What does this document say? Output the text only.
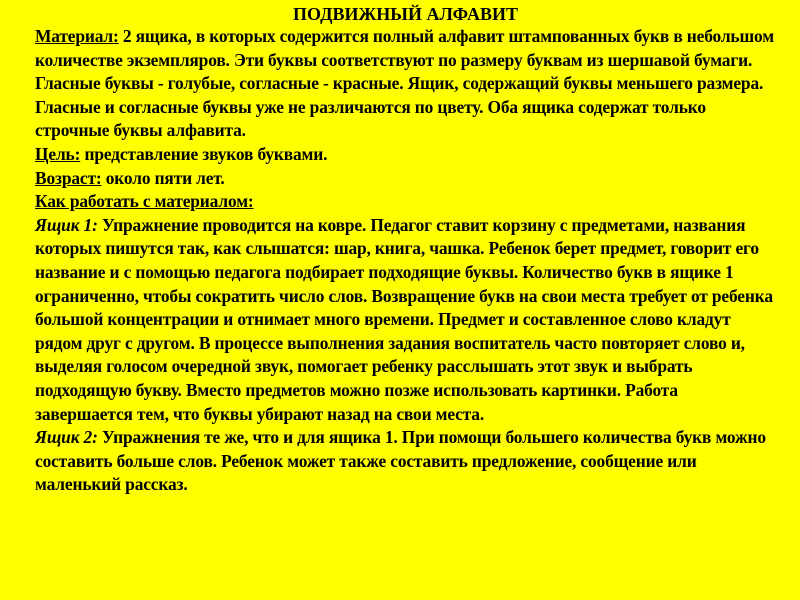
ПОДВИЖНЫЙ АЛФАВИТ

Материал: 2 ящика, в которых содержится полный алфавит штампованных букв в небольшом количестве экземпляров. Эти буквы соответствуют по размеру буквам из шершавой бумаги. Гласные буквы - голубые, согласные - красные. Ящик, содержащий буквы меньшего размера. Гласные и согласные буквы уже не различаются по цвету. Оба ящика содержат только строчные буквы алфавита.

Цель: представление звуков буквами.

Возраст: около пяти лет.

Как работать с материалом:

Ящик 1: Упражнение проводится на ковре. Педагог ставит корзину с предметами, названия которых пишутся так, как слышатся: шар, книга, чашка. Ребенок берет предмет, говорит его название и с помощью педагога подбирает подходящие буквы. Количество букв в ящике 1 ограниченно, чтобы сократить число слов. Возвращение букв на свои места требует от ребенка большой концентрации и отнимает много времени. Предмет и составленное слово кладут рядом друг с другом. В процессе выполнения задания воспитатель часто повторяет слово и, выделяя голосом очередной звук, помогает ребенку расслышать этот звук и выбрать подходящую букву. Вместо предметов можно позже использовать картинки. Работа завершается тем, что буквы убирают назад на свои места.

Ящик 2: Упражнения те же, что и для ящика 1. При помощи большего количества букв можно составить больше слов. Ребенок может также составить предложение, сообщение или маленький рассказ.
